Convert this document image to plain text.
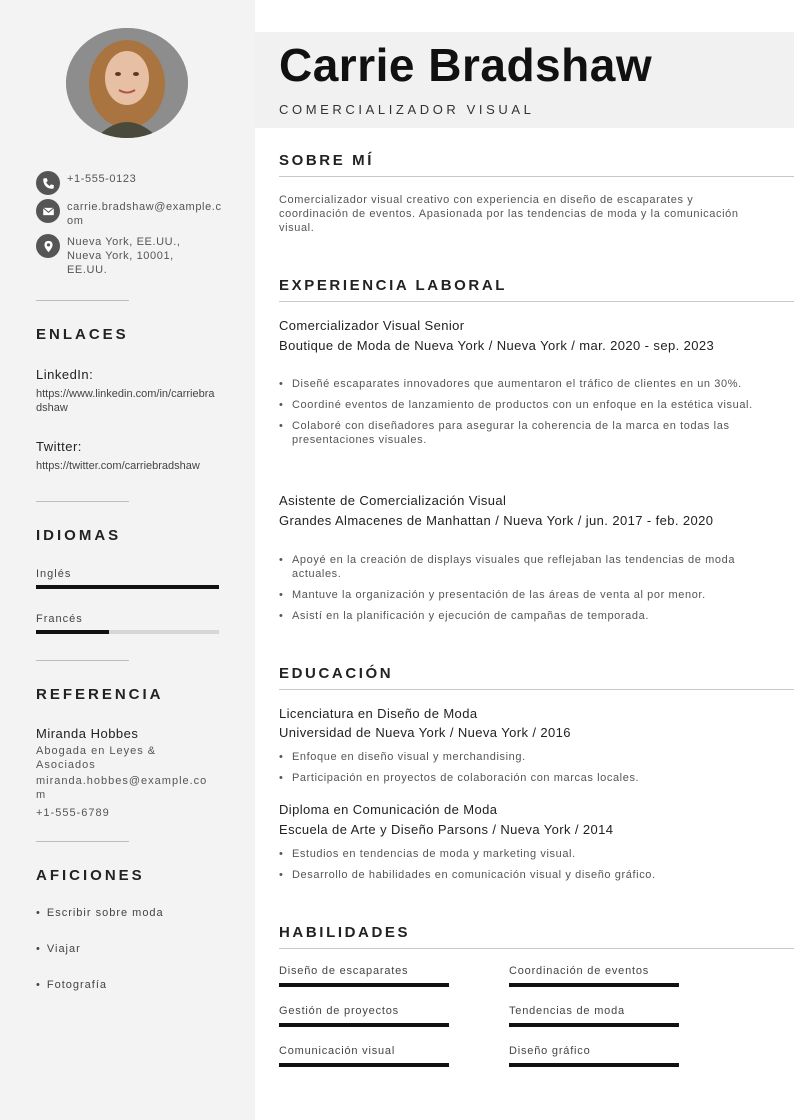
+1-555-0123
carrie.bradshaw@example.com
Nueva York, EE.UU., Nueva York, 10001, EE.UU.
ENLACES
LinkedIn:
https://www.linkedin.com/in/carriebradshaw
Twitter:
https://twitter.com/carriebradshaw
IDIOMAS
Inglés
Francés
REFERENCIA
Miranda Hobbes
Abogada en Leyes & Asociados
miranda.hobbes@example.com
+1-555-6789
AFICIONES
• Escribir sobre moda
• Viajar
• Fotografía
Carrie Bradshaw
COMERCIALIZADOR VISUAL
SOBRE MÍ
Comercializador visual creativo con experiencia en diseño de escaparates y coordinación de eventos. Apasionada por las tendencias de moda y la comunicación visual.
EXPERIENCIA LABORAL
Comercializador Visual Senior
Boutique de Moda de Nueva York / Nueva York / mar. 2020 - sep. 2023
• Diseñé escaparates innovadores que aumentaron el tráfico de clientes en un 30%.
• Coordiné eventos de lanzamiento de productos con un enfoque en la estética visual.
• Colaboré con diseñadores para asegurar la coherencia de la marca en todas las presentaciones visuales.
Asistente de Comercialización Visual
Grandes Almacenes de Manhattan / Nueva York / jun. 2017 - feb. 2020
• Apoyé en la creación de displays visuales que reflejaban las tendencias de moda actuales.
• Mantuve la organización y presentación de las áreas de venta al por menor.
• Asistí en la planificación y ejecución de campañas de temporada.
EDUCACIÓN
Licenciatura en Diseño de Moda
Universidad de Nueva York / Nueva York / 2016
• Enfoque en diseño visual y merchandising.
• Participación en proyectos de colaboración con marcas locales.
Diploma en Comunicación de Moda
Escuela de Arte y Diseño Parsons / Nueva York / 2014
• Estudios en tendencias de moda y marketing visual.
• Desarrollo de habilidades en comunicación visual y diseño gráfico.
HABILIDADES
Diseño de escaparates	Coordinación de eventos
Gestión de proyectos	Tendencias de moda
Comunicación visual	Diseño gráfico
